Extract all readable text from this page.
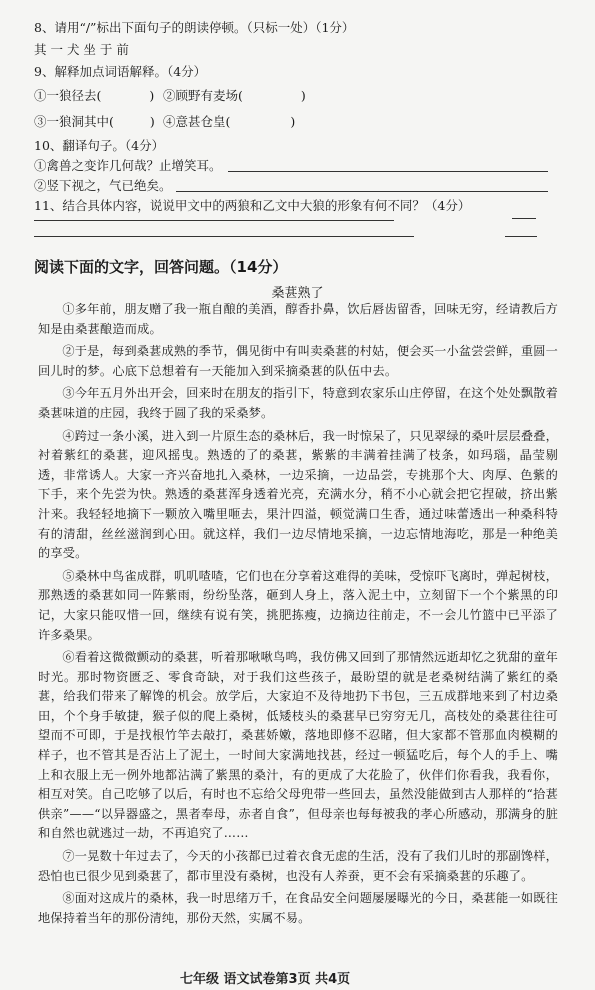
8、请用“/”标出下面句子的朗读停顿。（只标一处）（1分）
其 一 犬 坐 于 前
9、解释加点词语解释。（4分）
①一狼径去(	) ②顾野有麦场(	)
③一狼洞其中(	) ④意甚仓皇(	)
10、翻译句子。（4分）
①禽兽之变诈几何哉？止增笑耳。
②竖下视之，气已绝矣。
11、结合具体内容，说说甲文中的两狼和乙文中大狼的形象有何不同？（4分）
阅读下面的文字，回答问题。（14分）
桑葚熟了

①多年前，朋友赠了我一瓶自酿的美酒，醇香扑鼻，饮后唇齿留香，回味无穷，经请教后方知是由桑葚酿造而成。

②于是，每到桑葚成熟的季节，偶见街中有叫卖桑葚的村姑，便会买一小盆尝尝鲜，重圆一回儿时的梦。心底下总想着有一天能加入到采摘桑葚的队伍中去。

③今年五月外出开会，回来时在朋友的指引下，特意到农家乐山庄停留，在这个处处飘散着桑葚味道的庄园，我终于圆了我的采桑梦。

④跨过一条小溪，进入到一片原生态的桑林后，我一时惊呆了，只见翠绿的桑叶层层叠叠，衬着紫红的桑葚，迎风摇曳。熟透的了的桑葚，紫紫的丰满着挂满了枝条，如玛瑙，晶莹剔透，非常诱人。大家一齐兴奋地扎入桑林，一边采摘，一边品尝，专挑那个大、肉厚、色紫的下手，来个先尝为快。熟透的桑葚浑身透着光亮，充满水分，稍不小心就会把它捏破，挤出紫汁来。我轻轻地摘下一颗放入嘴里咂去，果汁四溢，顿觉满口生香，通过味蕾透出一种桑科特有的清甜，丝丝滋润到心田。就这样，我们一边尽情地采摘，一边忘情地海吃，那是一种绝美的享受。

⑤桑林中鸟雀成群，叽叽喳喳，它们也在分享着这难得的美味，受惊吓飞离时，弹起树枝，那熟透的桑葚如同一阵紫雨，纷纷坠落，砸到人身上，落入泥土中，立刻留下一个个紫黑的印记，大家只能叹惜一回，继续有说有笑，挑肥拣瘦，边摘边往前走，不一会儿竹篮中已平添了许多桑果。

⑥看着这微微颤动的桑葚，听着那啾啾鸟鸣，我仿佛又回到了那情然远逝却忆之犹甜的童年时光。那时物资匮乏、零食奇缺，对于我们这些孩子，最盼望的就是老桑树结满了紫红的桑葚，给我们带来了解馋的机会。放学后，大家迫不及待地扔下书包，三五成群地来到了村边桑田，个个身手敏捷，猴子似的爬上桑树，低矮枝头的桑葚早已穷穷无几，高枝处的桑葚往往可望而不可即，于是找根竹竿去敲打，桑葚娇嫩，落地即修不忍睹，但大家都不管那血肉模糊的样子，也不管其是否沾上了泥土，一时间大家满地找甚，经过一顿猛吃后，每个人的手上、嘴上和衣服上无一例外地都沾满了紫黑的桑汁，有的更成了大花脸了，伙伴们你看我，我看你，相互对笑。自己吃够了以后，有时也不忘给父母兜带一些回去，虽然没能做到古人那样的“拾葚供亲”——“以异器盛之，黑者奉母，赤者自食”，但母亲也每每被我的孝心所感动，那满身的脏和自然也就逃过一劫，不再追究了……

⑦一晃数十年过去了，今天的小孩都已过着衣食无虑的生活，没有了我们儿时的那副馋样，恐怕也已很少见到桑葚了，都市里没有桑树，也没有人养蚕，更不会有采摘桑葚的乐趣了。

⑧面对这成片的桑林，我一时思绪万千，在食品安全问题屡屡曝光的今日，桑葚能一如既往地保持着当年的那份清纯，那份天然，实属不易。

七年级 语文试卷第3页 共4页
